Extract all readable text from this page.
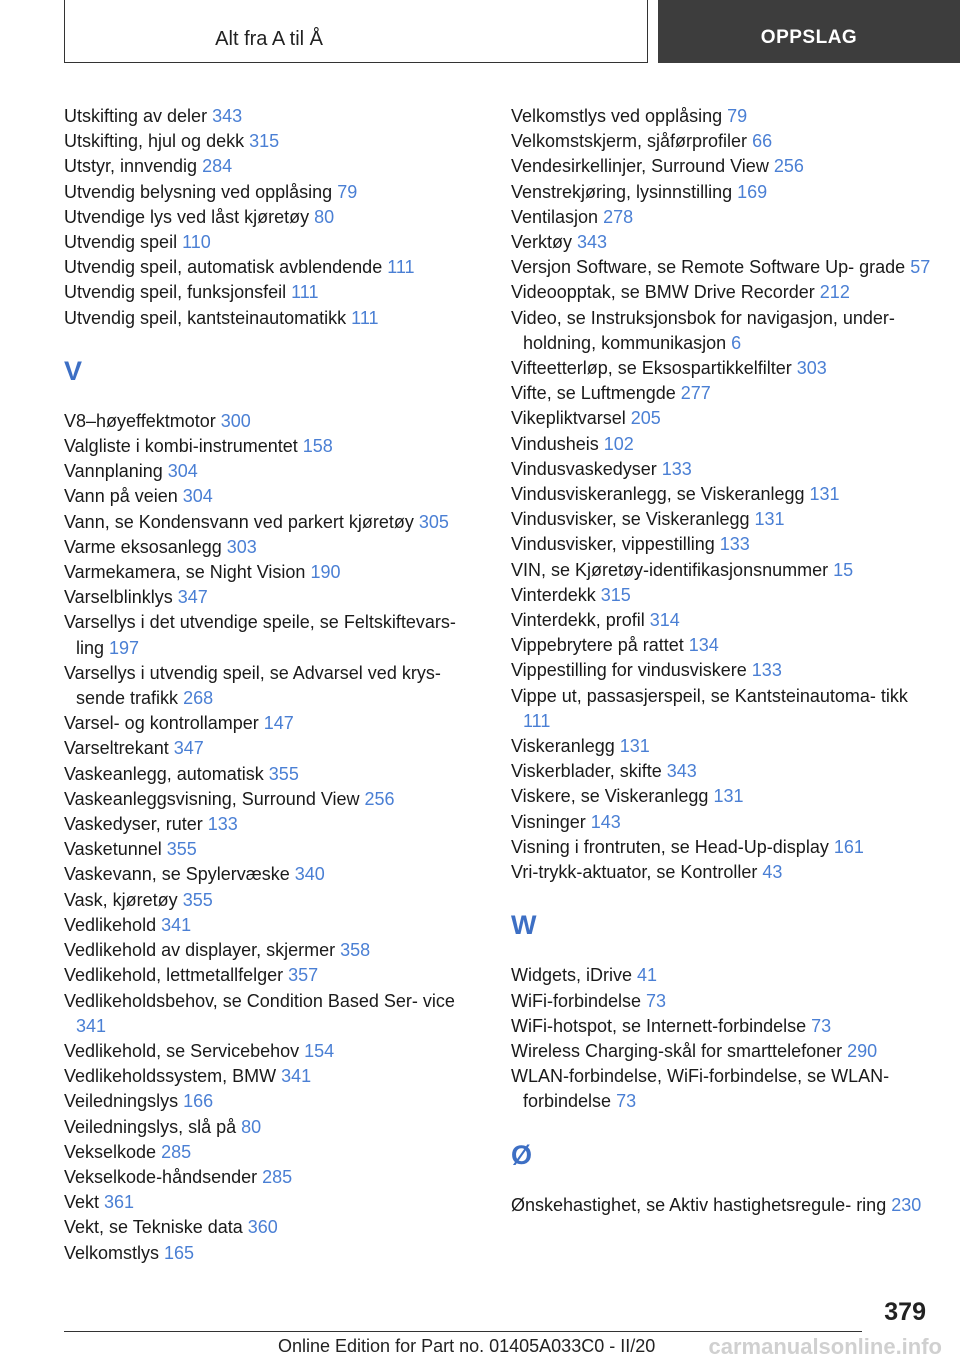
Alt fra A til Å	OPPSLAG
Utskifting av deler 343
Utskifting, hjul og dekk 315
Utstyr, innvendig 284
Utvendig belysning ved opplåsing 79
Utvendige lys ved låst kjøretøy 80
Utvendig speil 110
Utvendig speil, automatisk avblendende 111
Utvendig speil, funksjonsfeil 111
Utvendig speil, kantsteinautomatikk 111
V
V8–høyeffektmotor 300
Valgliste i kombi-instrumentet 158
Vannplaning 304
Vann på veien 304
Vann, se Kondensvann ved parkert kjøretøy 305
Varme eksosanlegg 303
Varmekamera, se Night Vision 190
Varselblinklys 347
Varsellys i det utvendige speile, se Feltskiftevars‐ ling 197
Varsellys i utvendig speil, se Advarsel ved krys‐ sende trafikk 268
Varsel- og kontrollamper 147
Varseltrekant 347
Vaskeanlegg, automatisk 355
Vaskeanleggsvisning, Surround View 256
Vaskedyser, ruter 133
Vasketunnel 355
Vaskevann, se Spylervæske 340
Vask, kjøretøy 355
Vedlikehold 341
Vedlikehold av displayer, skjermer 358
Vedlikehold, lettmetallfelger 357
Vedlikeholdsbehov, se Condition Based Ser‐ vice 341
Vedlikehold, se Servicebehov 154
Vedlikeholdssystem, BMW 341
Veiledningslys 166
Veiledningslys, slå på 80
Vekselkode 285
Vekselkode-håndsender 285
Vekt 361
Vekt, se Tekniske data 360
Velkomstlys 165
Velkomstlys ved opplåsing 79
Velkomstskjerm, sjåførprofiler 66
Vendesirkellinjer, Surround View 256
Venstrekjøring, lysinnstilling 169
Ventilasjon 278
Verktøy 343
Versjon Software, se Remote Software Up‐ grade 57
Videoopptak, se BMW Drive Recorder 212
Video, se Instruksjonsbok for navigasjon, under‐ holdning, kommunikasjon 6
Vifteetterløp, se Eksospartikkelfilter 303
Vifte, se Luftmengde 277
Vikepliktvarsel 205
Vindusheis 102
Vindusvaskedyser 133
Vindusviskeranlegg, se Viskeranlegg 131
Vindusvisker, se Viskeranlegg 131
Vindusvisker, vippestilling 133
VIN, se Kjøretøy-identifikasjonsnummer 15
Vinterdekk 315
Vinterdekk, profil 314
Vippebrytere på rattet 134
Vippestilling for vindusviskere 133
Vippe ut, passasjerspeil, se Kantsteinautoma‐ tikk 111
Viskeranlegg 131
Viskerblader, skifte 343
Viskere, se Viskeranlegg 131
Visninger 143
Visning i frontruten, se Head-Up-display 161
Vri-trykk-aktuator, se Kontroller 43
W
Widgets, iDrive 41
WiFi-forbindelse 73
WiFi-hotspot, se Internett-forbindelse 73
Wireless Charging-skål for smarttelefoner 290
WLAN-forbindelse, WiFi-forbindelse, se WLAN- forbindelse 73
Ø
Ønskehastighet, se Aktiv hastighetsregule‐ ring 230
379
Online Edition for Part no. 01405A033C0 - II/20 carmanualsonline.info
